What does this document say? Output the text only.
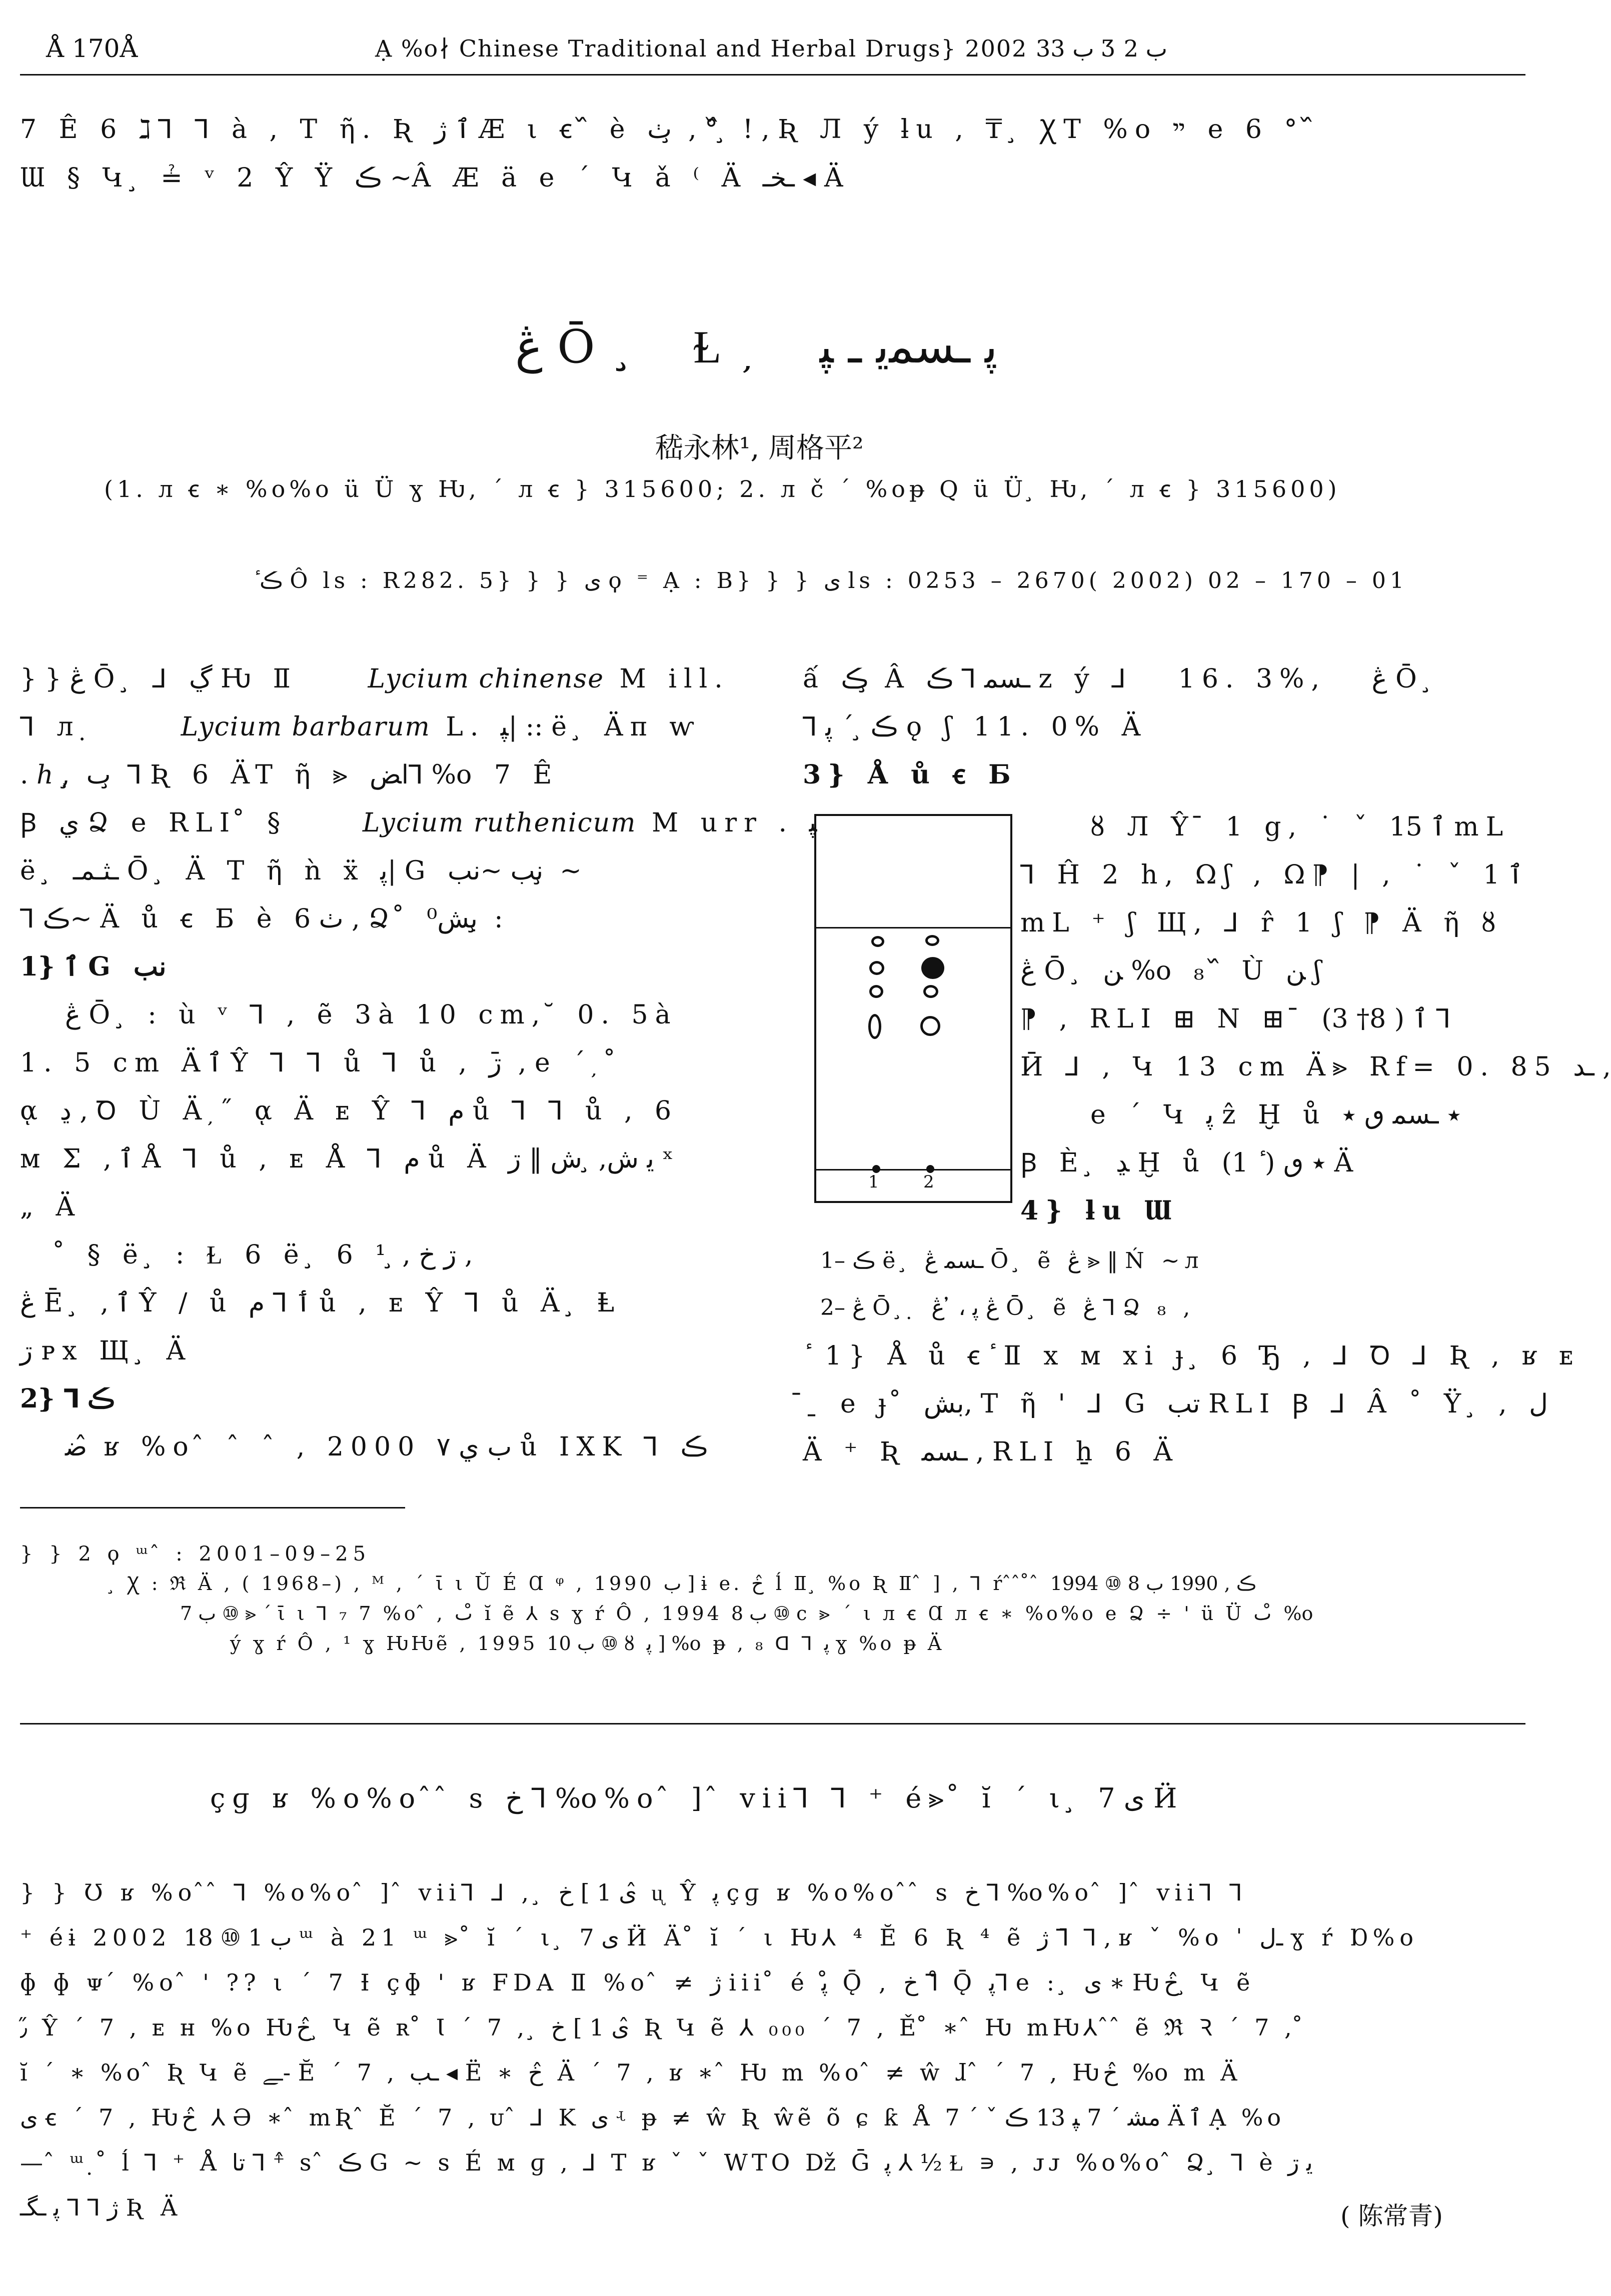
Å 170Å	Ạ %o∤ Chinese Traditional and Herbal Drugs} 2002 ب 33 Ʒ ب 2
7 Ê 6 ℷ⅂ ⅂ à , T ῆ. Ʀ ٱ ژ Æ ι ꞓ ᷈ è ٺ ̧ , ° ᷈ ̧ ! , Ʀ Л ý ƚu , ₸ ̧ ꞳT %o ײ e 6 ° ᷈
Ɯ § Կ ̧ ≟ ᵛ 2 Ŷ Ÿ ڪ ~Â Æ ä e ´ Կ ǎ ⁽ Ä ـخـ ◂ Ä
ڠ Ō ̧ Ɫ ̦ ﭘ ـﺴﻤﻳ ـ ﭙ
嵇永林¹, 周格平²
(1. л ꞓ ∗ %o%o ü Ü ɣ Ƕ, ´ л ꞓ } 315600; 2. л č ´ %oᵽ Q ü Ü ̧ Ƕ, ´ л ꞓ } 315600)
ٔ ڪ Ô ls : R282. 5} } } ی ϙ ⁼ Ạ : B} } } ی ls : 0253 – 2670( 2002) 02 – 170 – 01
} } ڠ Ō ̧ ⅃ ڲ Ƕ Ⅱ	Lycium chinense M ill.
⅂ л ̣	Lycium barbarum L. ﭙ| :: ë ̧ Äᴨ ⱳ
. ℎ , ̧ ٮ ̧ ⅂ Ʀ 6 ÄT ῆ ⪢ ﺍﺾ⅂ %o 7 Ê
Ꞵ ي Ձ e RLI ̊ §	Lycium ruthenicum M urr . ﭙ
ë ̧ ـﺜـﻤـ Ō ̧ Ä T ῆ ǹ ẍ ﭘ| G ﻧﺐ ~ﻧﺐ ̧ ~
⅂ ڪ~ Ä ů ꞓ Б è ٺ 6 , Ձ ̊ ﺑﺶ⁰ ̧ :
1} ٱ G ﻧﺐ
ڠ Ō ̧ : ù ᵛ ⅂ , ẽ 3à 10 cm, ̆ 0. 5à
1. 5 cm Äٱ Ŷ ⅂ ⅂ ů ⅂ ů , ڗ ̄ , e ´ ̦ ̊
ᾳ ڍ , Ꝺ Ù Ä ̦ ̋ ᾳ Ä ᴇ Ŷ ⅂ م ů ⅂ ⅂ ů , 6
ᴍ Σ ,ٱ Å ⅂ ů , ᴇ Å ⅂ م ů Ä ﻳ ﺵ, ̧ ﺵ ‖ ڗ ˣ
„ Ä
̊ § ë ̧ : Ɫ 6 ë ̧ 6 ڗ خ , ̧ ¹ ,
ڠ Ē ̧ ,ٱ Ŷ / ů ٲ ⅂ م ů , ᴇ Ŷ ⅂ ů Ä ̧ Ⱡ
ڗ ᴘх Щ ̧ Ä
2} ⅂ ڪ
ﺿ ̂ ʁ %o ̂ ˆ ˆ , 2000 ب ي ٧ ů IXK ⅂ ڪ
ấ ڪ ̧ Â ـﺴﻤ ⅂ ڪ z ý ⅃ 16. 3%, ڠ Ō ̧
⅂ ڪ ̧ ´ ﭘ ǫ ʃ 11. 0% Ä
3} Å ů ꞓ Б
1	2
ȣ Л Ŷ ̄ 1 g, ˙ ˇ ٱ 15 mL
⅂ Ĥ 2 h, Ωʃ , Ω⁋ | , ˙ ˇ ٱ 1
mL ⁺ ʃ Щ, ⅃ r̂ 1 ʃ ⁋ Ä ῆ ȣ
ڠ Ō ̧ ﻦ %o ₈ ᷈ Ù ﻦ ʃ
⁋ , RLI ⊞ N ⊞ ̄ ٱ ( 8† 3) ⅂
Ӣ ⅃ , Կ 13 cm Ä⪢ Rf= 0. 85 ـد ,
e ´ Կ ﭘ ẑ Ḫ ů ٭ ـﺴﻤ ٯ ٭
Ꞵ È ̧ ﮃ Ḫ ů ٭ ٯ ( ٔ 1) Ä
4} ƚu Ɯ
1– ڪ ë ̧ ـﺴﻤ ڠ Ō ̧ ẽ ڠ ⪢ ‖ Ń ~л
2– ڠ Ō ̧ ̣ ڠ ﭘ ، ̓ ڠ Ō ̧ ẽ ڠ ⅂ Ձ ₈ ,
ٔ 1} Å ů ꞓ ٔ Ⅱ x ᴍ xi ɟ ̧ 6 Ђ , ⅃ Ꝺ ⅃ Ʀ , ʁ ᴇ
̄ ̱ e ɟ ̊ ﺑﺶ, T ῆ ' ⅃ G ﺗﺐ RLI Ꞵ ⅃ Â ˚ Ÿ ̧ , ﻝ
Ä ⁺ Ʀ ـﺴﻤ , RLI ẖ 6 Ä
} } 2 ϙ ᵚ ̂ : 2001–09–25
̧ Ꭓ : ℜ Ä , ( 1968–) , ᴹ , ´ ῑ ι Ŭ É Ɑ ᵠ , 1990 ب ] ɨ e. خ ̂ ĺ Ⅱ ̧ %o Ʀ Ⅱ ̂ ] , ⅂ ŕ ̂ ̂ ̊ ̂ ڪ , 1990 ب 8 ⑩ 1994
ب 7 ⑩ ⪢ ´ ῑ ι ⅂ ₇ 7 %o ̂ , ٮ ̊ ĭ ẽ ⅄ s ɣ ŕ Ô , 1994 ب 8 ⑩ c ⪢ ´ ι л ꞓ Ɑ л ꞓ ∗ %o%o e Ձ ÷ ' ü Ü ٮ ̊ %o
ý ɣ ŕ Ô , ¹ ɣ ǶǶẽ , 1995 ب 10 ⑩ ȣ ﭘ ] %o ᵽ , ₈ ᗡ ⅂ ﭘ ɣ %o ᵽ Ä
çɡ ʁ %o%o ̂ ̂ s خ ⅂ %o%o ̂ ] ̂ vii⅂ ⅂ ⁺ é⪢ ̊ ĭ ´ ι ̧ ی 7 Ӥ
} } Ʊ ʁ %o ̂ ̂ ⅂ %o%o ̂ ] ̂ vii⅂ ⅃ , ̧ ی 1 ] خ ̂ ᶙ Ŷ ﭘ çɡ ʁ %o%o ̂ ̂ s خ ⅂ %o%o ̂ ] ̂ vii⅂ ⅂
⁺ éɨ 2002 ب 1 ⑩ 18 ᵚ à 21 ᵚ ⪢ ̊ ĭ ´ ι ̧ ی 7 Ӥ Ä ̊ ĭ ´ ι Ƕ⅄ ⁴ Ĕ 6 Ʀ ⁴ ẽ ژ ⅂ ̄ ⅂ , ʁ ˇ %o ˈ ـﻝ ɣ ŕ Ɒ%o
ɸ ɸ ᴪ ́ %o ̂ ' ?? ι ´ 7 Ɨ çɸ ' ʁ FDA Ⅱ %o ̂ ≠ ژ iii ̊ é ﭘ ̊ Ǭ , خ ⅂ ̊ Ǭ ﭘ⅂ e : ̧ ی ∗ Ƕخ ̂ ̧ Կ ẽ
٫ ̋ Ŷ ´ 7 , ᴇ ʜ %o Ƕخ ̂ ̧ Կ ẽ ʀ ̊ Ɩ ´ 7 , ̧ ی 1 ] خ ̂ Ʀ Կ ẽ ⅄ ₀₀₀ ´ 7 , Ě ̊ ∗ ̂ Ƕ mǶ⅄ ̂ ̂ ẽ ℜ Ꝛ ´ 7 , ̊
ĭ ´ ∗ %o ̂ Ʀ Կ ẽ ـﮯ- Ĕ ´ 7 , ـﺐ ◂ Ë ∗ خ ̂ Ä ´ 7 , ʁ ∗ ̂ Ƕ m %o ̂ ≠ ŵ ɺ ̂ ´ 7 , Ƕخ ̂ %o m Ä
ی ꞓ ´ 7 , Ƕخ ̂ ⅄ Ә ∗ ̂ mƦ ̂ Ĕ ´ 7 , ᴜ ̂ ⅃ K ی ʵ ᵽ ≠ ŵ Ʀ ŵẽ õ ɕ ƙ Å ﻣﺸ ´ 7 ﭙ 13 ڪ ˇ ´ 7 Äٱ Ạ %o
— ̂ ᵚ ̣ ̊ ĺ ⅂ ⁺ Å ﺗﺎ ⅂ ⁺ ̂ s ̂ ڪ G ~ s É ᴍ ɡ , ⅃ T ʁ ˇ ˇ WTO ǅ Ḡ ﭘ ⅄ ½ Ɫ ∍ , ᴊᴊ %o%o ̂ Ձ ̧ ⅂ è ﻳ ڗ
ﮊ ⅂ ⅂ ﭘ ـﮕـ Ʀ Ä	( 陈常青)
